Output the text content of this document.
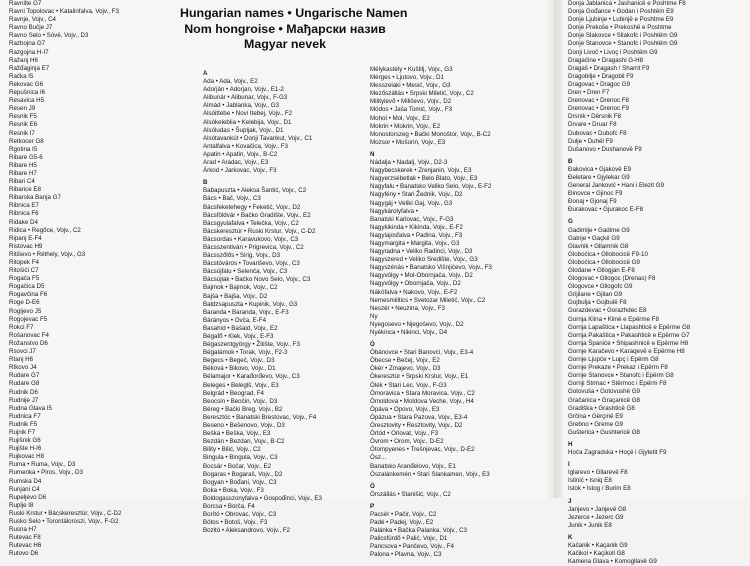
Ravnilte G7
Ravni Topolovac • Katalinfalva, Vojv., F3
Ravnje, Vojv., C4
Ravno Bučje J7
Ravno Selo • Sóvé, Vojv., D3
Razbojna G7
Razgojna H-I7
Ražanj H6
Ražđaginja E7
Račka I5
Rekovac G6
Repušnica I6
Resavica H5
Resen J9
Resnik F5
Resnik E6
Resnik I7
Retkocer G8
Rgotina I5
Ribare G5-6
Ribare H5
Ribare H7
Ribari C4
Ribarice E8
Ribarska Banja G7
Ribnica E7
Ribnica F6
Ridake D4
Ridica • Regőce, Vojv., C2
Ripanj E-F4
Ristovac H9
Ritiševo • Réthely, Vojv., G3
Ritopek F4
Ritošići C7
Rogača F5
Rogačica D5
Rogavčina F6
Roge D-E6
Rogljevo J5
Rogojevac F5
Rokci F7
Rošanovac F4
Rožanstvo D6
Rsovci J7
Rtanj H6
Rtkovo J4
Rudare G7
Rudare G8
Rudnik D6
Rudnije J7
Rudna Glava I5
Rudnica F7
Rudnik F5
Rujnik F7
Rujišnik G6
Rujište H-I6
Rujkovac H8
Ruma • Ruma, Vojv., D3
Rumenka • Piros, Vojv., D3
Rumska D4
Runjani C4
Rupeljevo D6
Ruplje I8
Ruski Krstur • Bácskeresztúr, Vojv., C-D2
Rusko Selo • Torontáloroszi, Vojv., F-G2
Rusna H7
Rutevac F8
Rutevac H6
Rutovo D6
Hungarian names • Ungarische Namen
Nom hongroise • Мађарски назив
Magyar nevek
A
Ada • Ada, Vojv., E2
Adorján • Adorjan, Vojv., E1-2
Alibunár • Alibunar, Vojv., F-G3
Almád • Jablanka, Vojv., G3
Alsóittebe • Novi Itebej, Vojv., F2
Alsókeleblia • Kelebija, Vojv., D1
Alsóludas • Šupljak, Vojv., D1
Alsótavankút • Donji Tavankut, Vojv., C1
Antalfalva • Kovačica, Vojv., F3
Apatin • Apatin, Vojv., B-C2
Arad • Aradac, Vojv., E3
Árkod • Jarkovac, Vojv., F3
B
Babapuszta • Aleksa Šantić, Vojv., C2
Bács • Bač, Vojv., C3
Bácsfeketehegy • Feketić, Vojv., D2
Bácsföldvár • Bačko Gradište, Vojv., E2
Bácsgyulafalva • Telečka, Vojv., C2
Bácskeresztúr • Ruski Krstur, Vojv., C-D2
Bácsordas • Karavukovo, Vojv., C3
Bácsszentiván • Prigrevica, Vojv., C2
Bácsszőlős • Sirig, Vojv., D3
Bácstóváros • Tovariševo, Vojv., C3
Bácsújfalu • Selenča, Vojv., C3
Bácsújlak • Bačko Novo Selo, Vojv., C3
Bajmok • Bajmok, Vojv., C2
Bajša • Bajša, Vojv., D2
Baldzsapuszta • Kupinik, Vojv., G3
Baranda • Baranda, Vojv., E-F3
Bárányos • Ovča, E-F4
Basahíd • Bašaid, Vojv., E2
Bégafő • Klek, Vojv., E-F3
Bégaszentgyörgy • Žitište, Vojv., F3
Bégatámok • Torak, Vojv., F2-3
Begecs • Begeč, Vojv., D3
Békova • Bikovo, Vojv., D1
Bélamajor • Karađorđevo, Vojv., C3
Beleges • Beleglš, Vojv., E3
Belgrád • Beograd, F4
Beocsin • Beočin, Vojv., D3
Béreg • Bački Breg, Vojv., B2
Beresztóc • Banatski Brestovac, Vojv., F4
Beseno • Bešenovo, Vojv., D3
Beška • Beška, Vojv., E3
Bezdán • Bezdan, Vojv., B-C2
Bility • Bilić, Vojv., C2
Bingula • Bingula, Vojv., C3
Bocsár • Bočar, Vojv., E2
Bogaras • Bogaraš, Vojv., D2
Bogyan • Bođani, Vojv., C3
Boka • Boka, Vojv., F3
Boldogasszonyfalva • Gospođinci, Vojv., E3
Borcsa • Borča, F4
Borító • Obrovac, Vojv., C3
Bótos • Botoš, Vojv., F3
Bozitó • Aleksandrovo, Vojv., F2
Mélykastély • Kuštilj, Vojv., G3
Mérges • Ljutovo, Vojv., D1
Messzelaki • Mesić, Vojv., G3
Mezőszállás • Srpski Miletić, Vojv., C2
Militylevő • Miličevo, Vojv., D2
Módos • Jaša Tomić, Vojv., F3
Mohol • Mol, Vojv., E2
Mokrin • Mokrin, Vojv., E2
Monostorszeg • Bački Monoštor, Vojv., B-C2
Mozsor • Mošorin, Vojv., E3
N
Nádalja • Nadalj, Vojv., D2-3
Nagybecskerek • Zrenjanin, Vojv., E3
Nagyerzsébetlak • Belo Blato, Vojv., E3
Nagyfalu • Banatsko Veliko Selo, Vojv., E-F2
Nagyfény • Stari Žednik, Vojv., D2
Nagygáj • Veliki Gaj, Vojv., G3
Nagykárolyfalva •
Banatski Karlovac, Vojv., F-G3
Nagykikinda • Kikinda, Vojv., E-F2
Nagylajosfalva • Padina, Vojv., F3
Nagymargita • Margita, Vojv., G3
Nagyradna • Veliko Radinci, Vojv., D3
Nagyszered • Veliko Središte, Vojv., G3
Nagyszénás • Banatsko Višnjićevo, Vojv., F3
Nagyvölgy • Mol-Obornjača, Vojv., D2
Nagyvölgy • Obornjača, Vojv., D2
Nákófalva • Nakovo, Vojv., E-F2
Nemesmiiltics • Svetozar Miletić, Vojv., C2
Neszér • Neuzina, Vojv., F3
Ny
Nyegosevo • Njegoševo, Vojv., D2
Nyékinca • Nikinci, Vojv., D4
Ó
Óbánovce • Stari Banovci, Vojv., E3-4
Óbecse • Bečej, Vojv., E2
Ókér • Zmajevo, Vojv., D3
Ókeresztúr • Srpski Krstur, Vojv., E1
Ólék • Stari Lec, Vojv., F-G3
Ómoravica • Stara Moravica, Vojv., C2
Ómoldova • Moldova Veche, Vojv., H4
Ópáva • Opovo, Vojv., E3
Ópázua • Stara Pazova, Vojv., E3-4
Óresztovity • Resztovity, Vojv., D2
Órtód • Orlovat, Vojv., F3
Óvrom • Orom, Vojv., D-E2
Ótompyenes • Trešnjevac, Vojv., D-E2
Ósz...
Banatsko Aranđelovo, Vojv., E1
Ószalánkemén • Stari Slankamen, Vojv., E3
Ö
Örszállás • Stanišić, Vojv., C2
P
Pacsér • Pačir, Vojv., C2
Padé • Padej, Vojv., E2
Palánka • Bačka Palanka, Vojv., C3
Palicsfürdő • Palić, Vojv., D1
Pancsova • Pančevo, Vojv., F4
Palona • Plavna, Vojv., C3
Donja Jablanica • Jashanicë e Poshtme F8
Donja Gođance • Godan i Poshtëm E9
Donje Ljubinje • Lubinjë e Poshtme E9
Donje Prekoše • Prekoshë e Poshtme
Donje Slakovce • Sllakofc i Poshtëm G9
Donje Stanovce • Stanofc i Poshtëm G9
Donji Livoč • Livoç i Poshtëm G9
Dragačine • Dragashi G-H8
Dragaš • Dragash / Sharrit F9
Dragobilje • Dragobil F9
Dragovac • Dragoc G9
Dren • Dren F7
Drenovac • Drenoc F8
Drenovac • Drenoc F9
Drsnik • Dërsnik F8
Drvare • Druar F8
Dubovac • Dubofc F8
Dulje • Duhël F9
Dušanovo • Dushanovë F9
Đ
Đakovica • Gjakovë E9
Đeletare • Gjylekar G9
General Janković • Hani i Elezit G9
Đinovce • Gjinoc F9
Đonaj • Gjonaj F9
Đurakovac • Gjurakoc E-F8
G
Gadimlje • Gadime G9
Gatnje • Gaçkë G9
Glavnik • Gllamnik G8
Globočica • Gllobocicë F9-10
Globočica • Gllobocicë G9
Glodane • Gllogjan E-F8
Glogovac • Gllogoc (Drenas) F8
Glogovce • Gllogofc G9
Grijilane • Gjilan G9
Gojbulja • Gojbulë F8
Gorazdevac • Gorazhdec E8
Gornja Klina • Klinë e Epërme F8
Gornja Lapaštica • Llapashticë e Epërme G8
Gornja Pakaštica • Pakashticë e Epërme G7
Gornja Španiće • Shipashnicë e Epërme H8
Gornje Karačevo • Karaqevë e Epërme H8
Gornje Ljupče • Lupç i Epërm G8
Gornje Prekaze • Prekaz i Epërm F8
Gornje Stanovce • Stanofc i Epërm G8
Gornji Strmac • Stërmoc i Epërm F8
Gotovuša • Gotovushë G9
Gračanica • Graçanicë G8
Gradiška • Grashticë G8
Grčina • Gërçinë E9
Grebno • Greme G9
Gušterica • Gushtericë G8
H
Hoča Zagradska • Hoçë i Gjytetit F9
I
Iglarevo • Gllarevë F8
Istinić • Isniq E8
Istok • Istog / Burim E8
J
Janjevo • Janjevë G8
Jezerce • Jezerc G9
Junik • Junik E8
K
Kačanik • Kaçanik G9
Kačikol • Kaçikoll G8
Kamena Glava • Komogllavë G9
